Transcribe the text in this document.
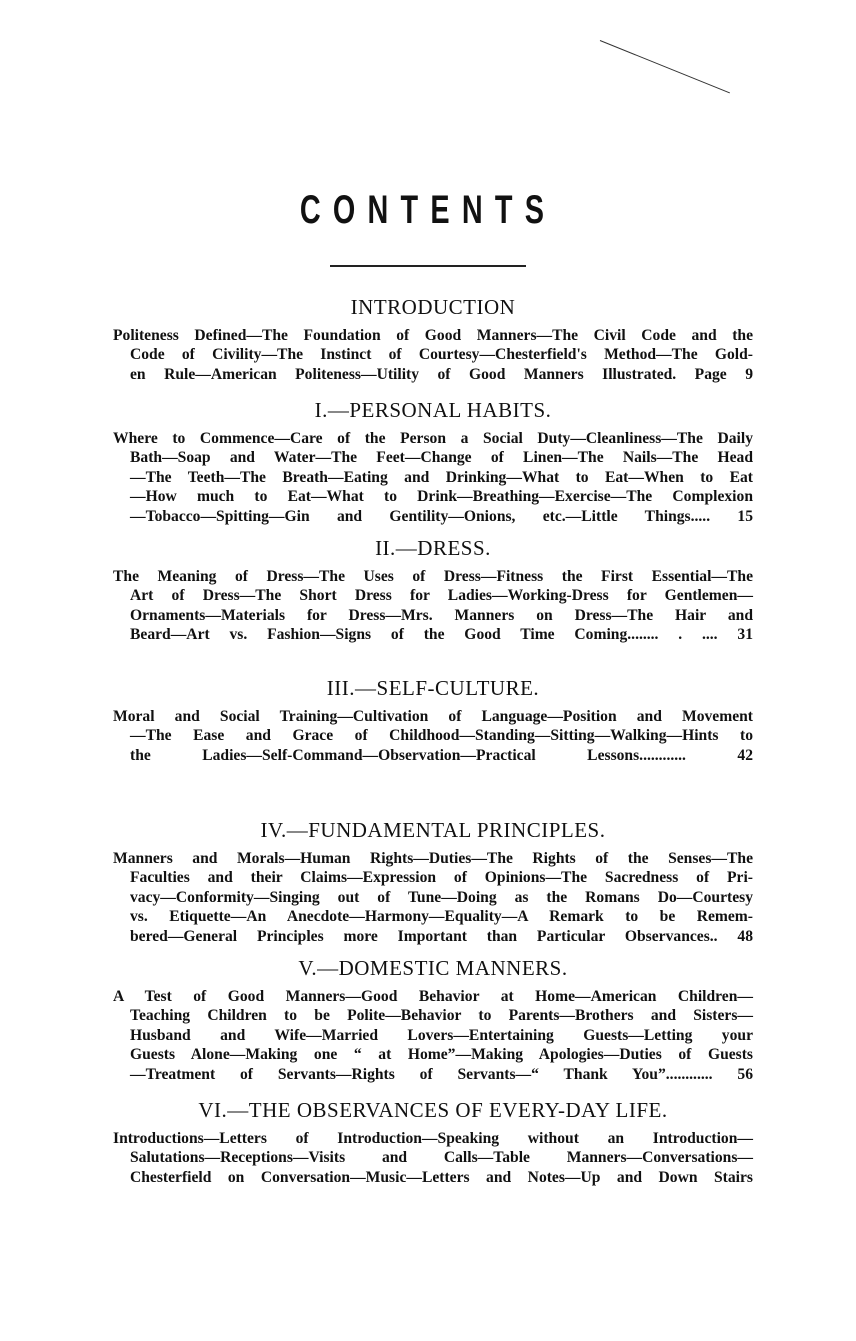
CONTENTS
INTRODUCTION
Politeness Defined—The Foundation of Good Manners—The Civil Code and the
Code of Civility—The Instinct of Courtesy—Chesterfield's Method—The Gold-
en Rule—American Politeness—Utility of Good Manners Illustrated. Page 9
I.—PERSONAL HABITS.
Where to Commence—Care of the Person a Social Duty—Cleanliness—The Daily
Bath—Soap and Water—The Feet—Change of Linen—The Nails—The Head
—The Teeth—The Breath—Eating and Drinking—What to Eat—When to Eat
—How much to Eat—What to Drink—Breathing—Exercise—The Complexion
—Tobacco—Spitting—Gin and Gentility—Onions, etc.—Little Things..... 15
II.—DRESS.
The Meaning of Dress—The Uses of Dress—Fitness the First Essential—The
Art of Dress—The Short Dress for Ladies—Working-Dress for Gentlemen—
Ornaments—Materials for Dress—Mrs. Manners on Dress—The Hair and
Beard—Art vs. Fashion—Signs of the Good Time Coming........ . .... 31
III.—SELF-CULTURE.
Moral and Social Training—Cultivation of Language—Position and Movement
—The Ease and Grace of Childhood—Standing—Sitting—Walking—Hints to
the Ladies—Self-Command—Observation—Practical Lessons............ 42
IV.—FUNDAMENTAL PRINCIPLES.
Manners and Morals—Human Rights—Duties—The Rights of the Senses—The
Faculties and their Claims—Expression of Opinions—The Sacredness of Pri-
vacy—Conformity—Singing out of Tune—Doing as the Romans Do—Courtesy
vs. Etiquette—An Anecdote—Harmony—Equality—A Remark to be Remem-
bered—General Principles more Important than Particular Observances.. 48
V.—DOMESTIC MANNERS.
A Test of Good Manners—Good Behavior at Home—American Children—
Teaching Children to be Polite—Behavior to Parents—Brothers and Sisters—
Husband and Wife—Married Lovers—Entertaining Guests—Letting your
Guests Alone—Making one “ at Home”—Making Apologies—Duties of Guests
—Treatment of Servants—Rights of Servants—“ Thank You”............ 56
VI.—THE OBSERVANCES OF EVERY-DAY LIFE.
Introductions—Letters of Introduction—Speaking without an Introduction—
Salutations—Receptions—Visits and Calls—Table Manners—Conversations—
Chesterfield on Conversation—Music—Letters and Notes—Up and Down Stairs
